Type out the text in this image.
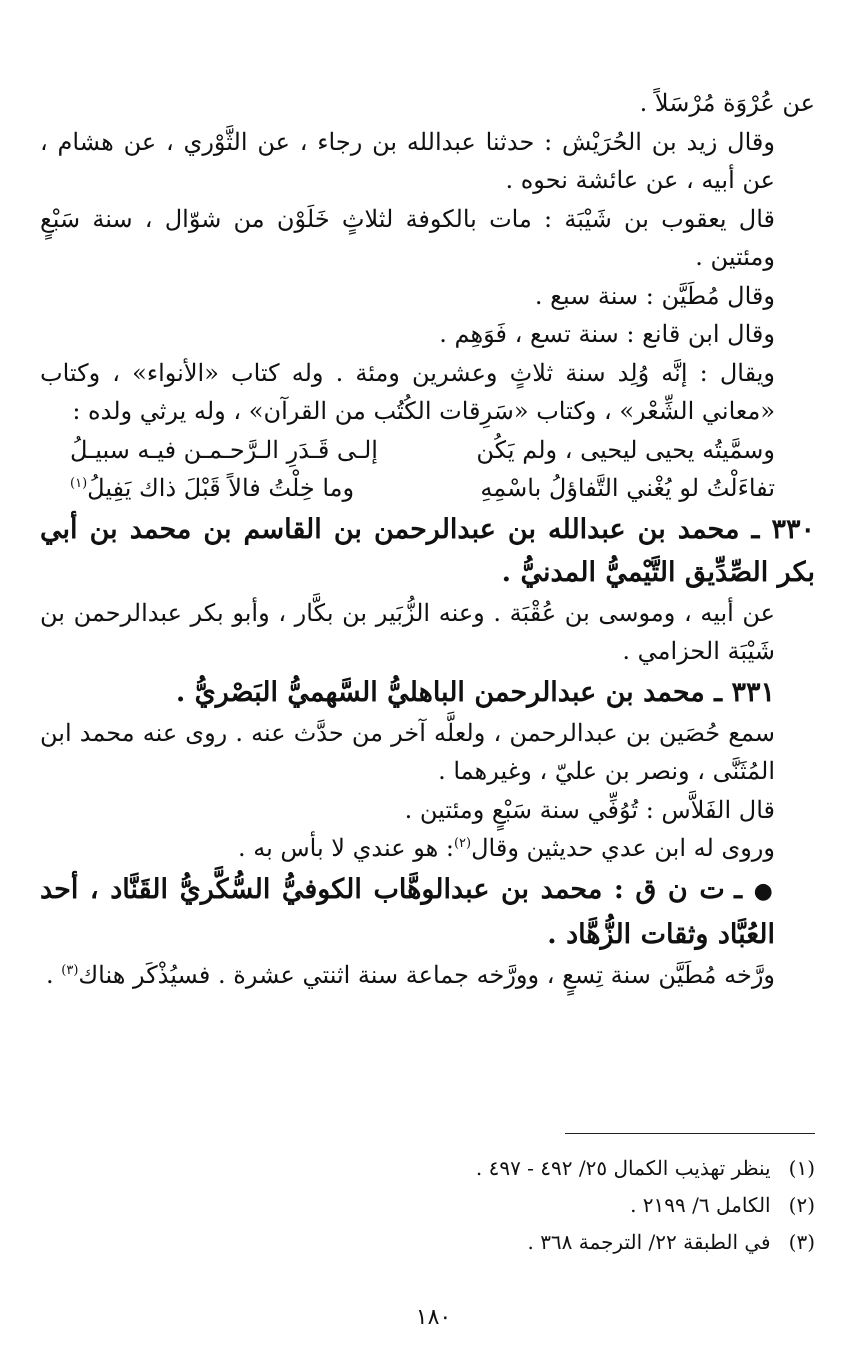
عن عُرْوَة مُرْسَلاً .

وقال زيد بن الحُرَيْش : حدثنا عبدالله بن رجاء ، عن الثَّوْري ، عن هشام ، عن أبيه ، عن عائشة نحوه .

قال يعقوب بن شَيْبَة : مات بالكوفة لثلاثٍ خَلَوْن من شوّال ، سنة سَبْعٍ ومئتين .

وقال مُطَيَّن : سنة سبع .

وقال ابن قانع : سنة تسع ، فَوَهِم .

ويقال : إنَّه وُلِد سنة ثلاثٍ وعشرين ومئة . وله كتاب «الأنواء» ، وكتاب «معاني الشِّعْر» ، وكتاب «سَرِقات الكُتُب من القرآن» ، وله يرثي ولده :

وسمَّيتُه يحيى ليحيى ، ولم يَكُن
إلـى قَـدَرِ الـرَّحـمـن فيـه سبيـلُ
تفاءَلْتُ لو يُغْني التَّفاؤلُ باسْمِهِ
وما خِلْتُ فالاً قَبْلَ ذاك يَفِيلُ$^{(١)}$

٣٣٠ ـ محمد بن عبدالله بن عبدالرحمن بن القاسم بن محمد بن أبي بكر الصِّدِّيق التَّيْميُّ المدنيُّ .

عن أبيه ، وموسى بن عُقْبَة . وعنه الزُّبَير بن بكَّار ، وأبو بكر عبدالرحمن بن شَيْبَة الحزامي .

٣٣١ ـ محمد بن عبدالرحمن الباهليُّ السَّهميُّ البَصْريُّ .

سمع حُصَين بن عبدالرحمن ، ولعلَّه آخر من حدَّث عنه . روى عنه محمد ابن المُثَنَّى ، ونصر بن عليّ ، وغيرهما .

قال الفَلاَّس : تُوُفِّي سنة سَبْعٍ ومئتين .

وروى له ابن عدي حديثين وقال$^{(٢)}$: هو عندي لا بأس به .

● ـ ت ن ق : محمد بن عبدالوهَّاب الكوفيُّ السُّكَّريُّ القَنَّاد ، أحد العُبَّاد وثقات الزُّهَّاد .

ورَّخه مُطَيَّن سنة تِسعٍ ، وورَّخه جماعة سنة اثنتي عشرة . فسيُذْكَر هناك$^{(٣)}$ .

(١)
ينظر تهذيب الكمال ٢٥/ ٤٩٢ - ٤٩٧ .
(٢)
الكامل ٦/ ٢١٩٩ .
(٣)
في الطبقة ٢٢/ الترجمة ٣٦٨ .
١٨٠
